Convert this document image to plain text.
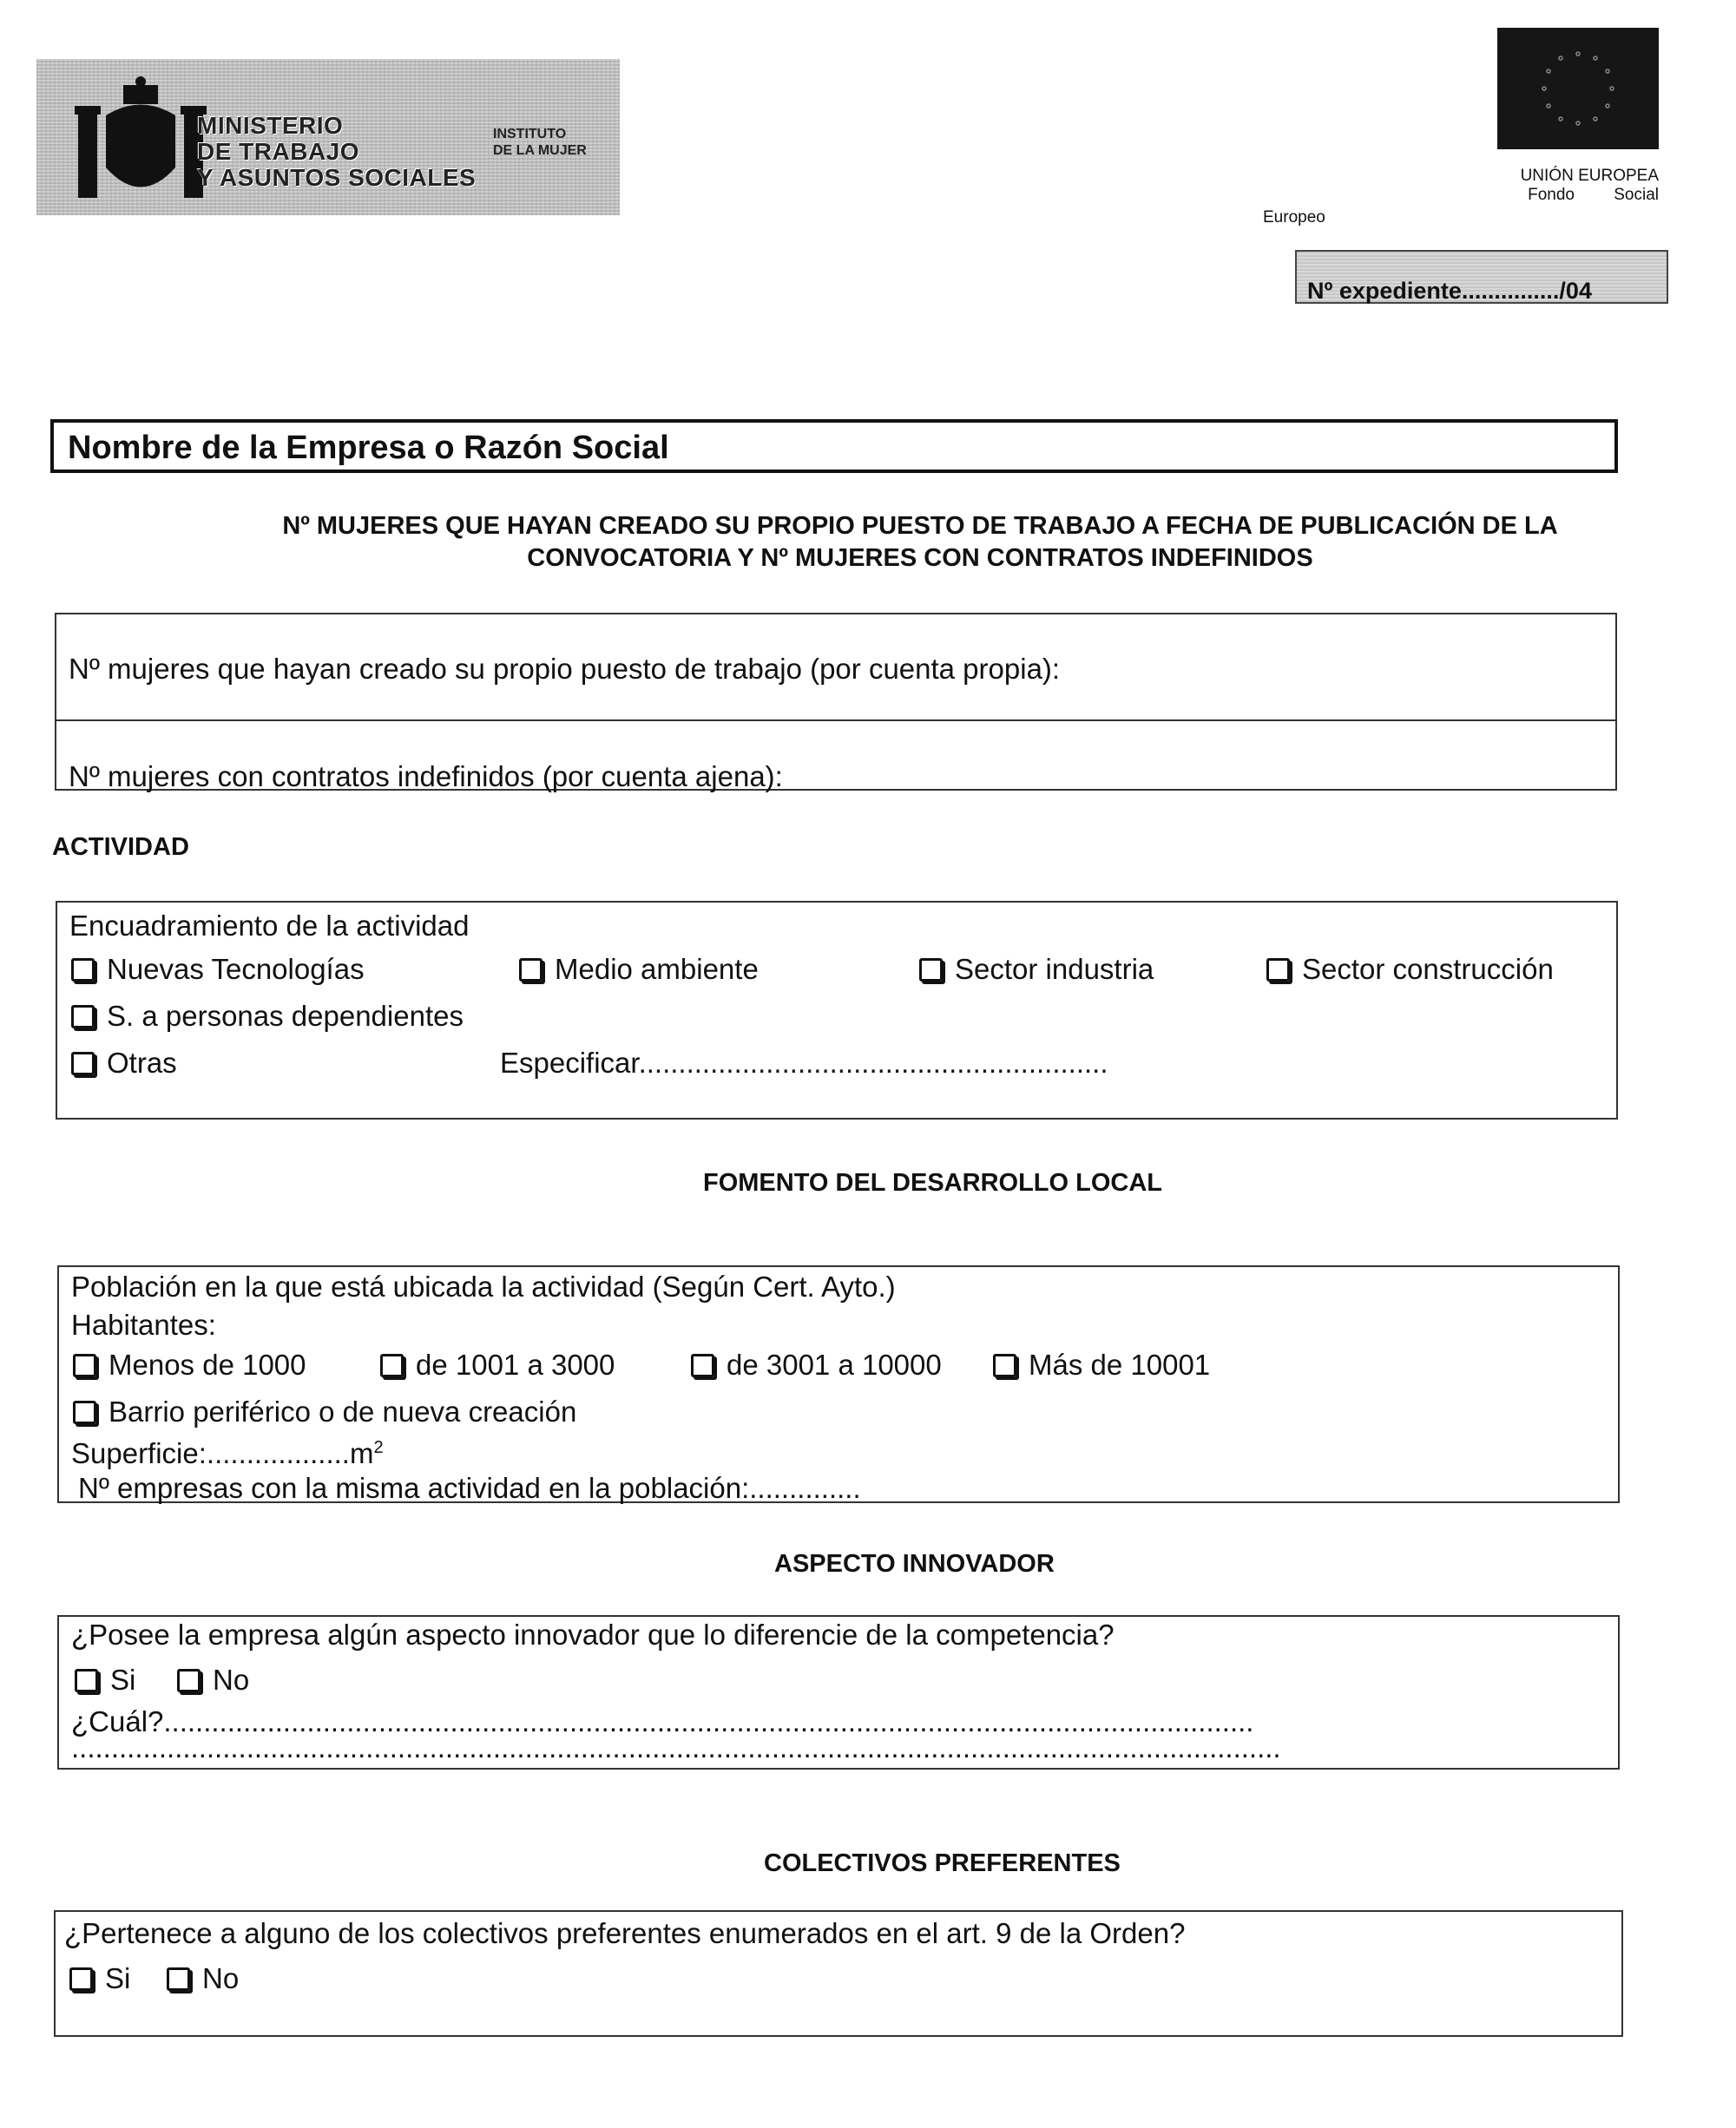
MINISTERIO
DE TRABAJO
Y ASUNTOS SOCIALES
INSTITUTO
DE LA MUJER
UNIÓN EUROPEA
Fondo Social
Europeo
Nº expediente.............../04
Nombre de la Empresa o Razón Social
Nº MUJERES QUE HAYAN CREADO SU PROPIO PUESTO DE TRABAJO A FECHA DE PUBLICACIÓN DE LA CONVOCATORIA Y Nº MUJERES CON CONTRATOS INDEFINIDOS
Nº mujeres que hayan creado su propio puesto de trabajo (por cuenta propia):
Nº mujeres con contratos indefinidos (por cuenta ajena):
ACTIVIDAD
Encuadramiento de la actividad
Nuevas Tecnologías	Medio ambiente	Sector industria	Sector construcción
S. a personas dependientes
Otras	Especificar...........................................................
FOMENTO DEL DESARROLLO LOCAL
Población en la que está ubicada la actividad (Según Cert. Ayto.)
Habitantes:
Menos de 1000	de 1001 a 3000	de 3001 a 10000	Más de 10001
Barrio periférico o de nueva creación
$Superficie:..................m^2$
Nº empresas con la misma actividad en la población:..............
ASPECTO INNOVADOR
¿Posee la empresa algún aspecto innovador que lo diferencie de la competencia?
Si	No
¿Cuál?.........................................................................................................................................
........................................................................................................................................................
COLECTIVOS PREFERENTES
¿Pertenece a alguno de los colectivos preferentes enumerados en el art. 9 de la Orden?
Si	No
